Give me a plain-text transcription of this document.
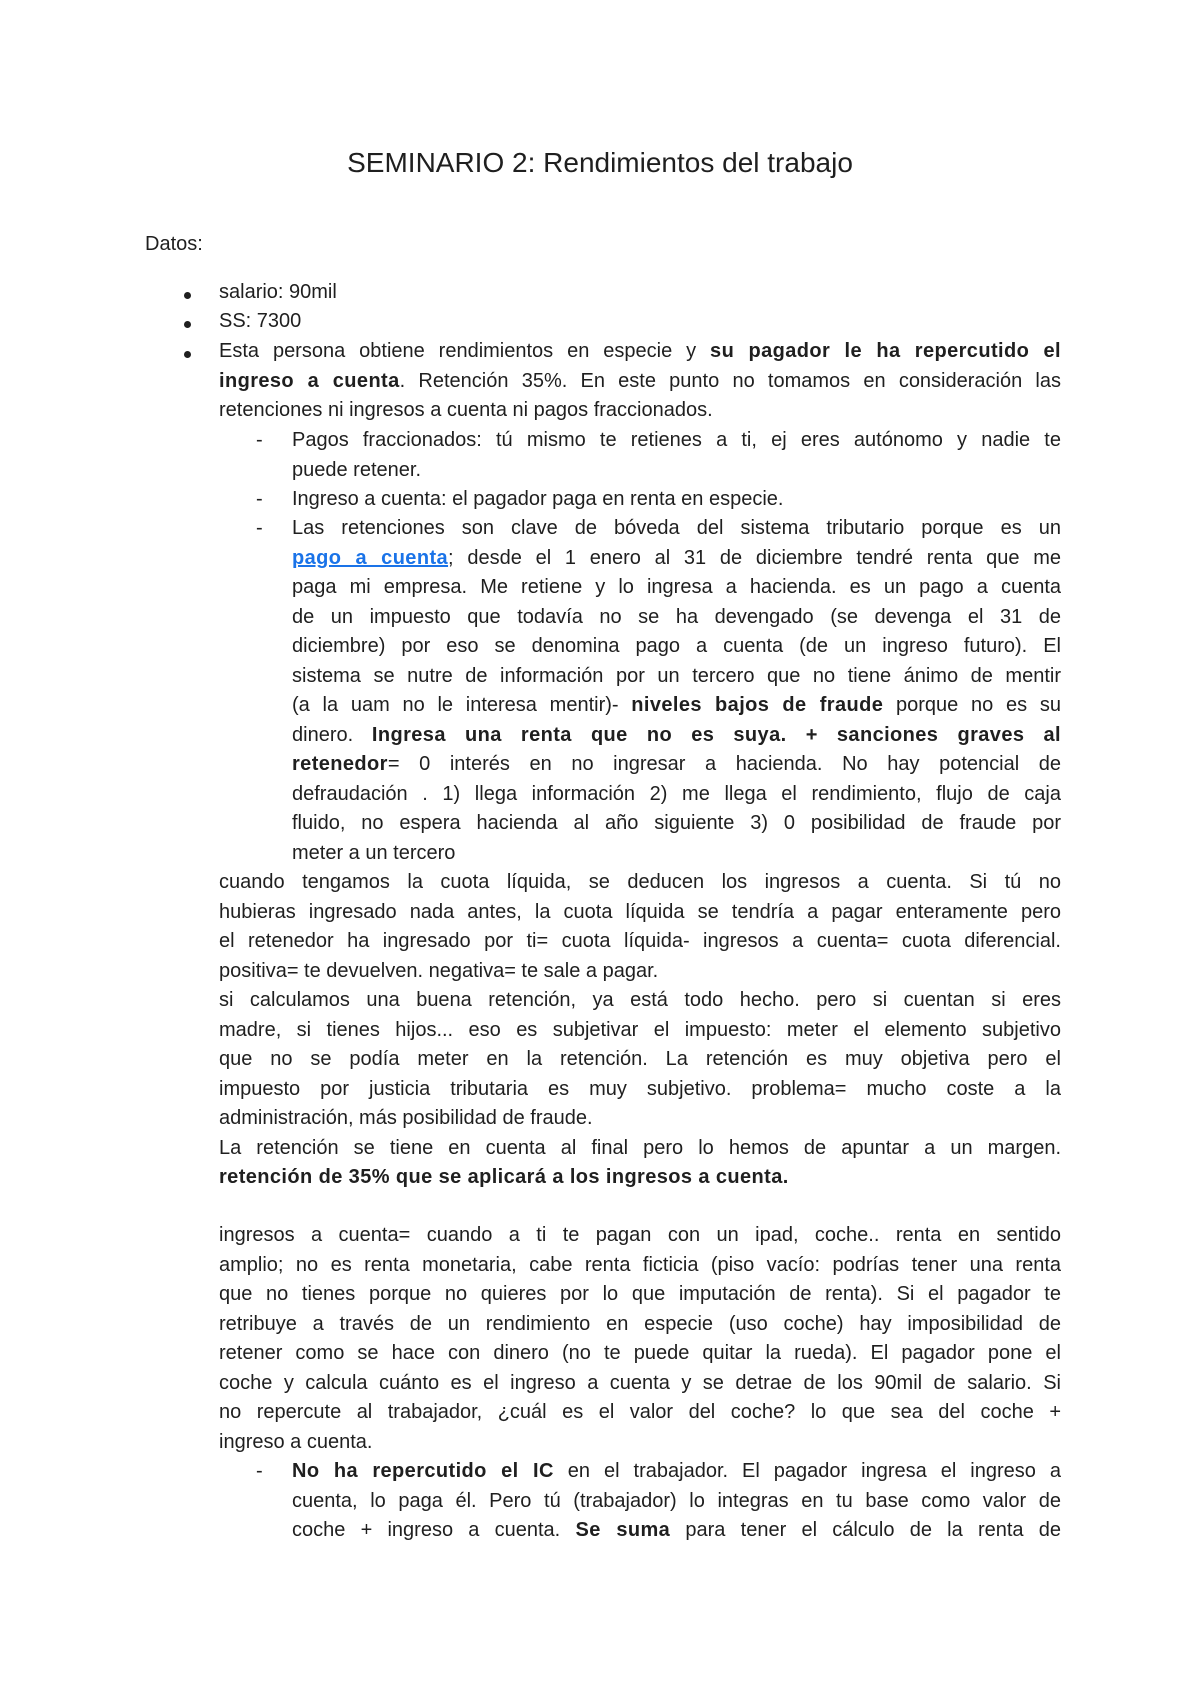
SEMINARIO 2: Rendimientos del trabajo
Datos:
salario: 90mil
SS: 7300
Esta persona obtiene rendimientos en especie y su pagador le ha repercutido el
ingreso a cuenta. Retención 35%. En este punto no tomamos en consideración las
retenciones ni ingresos a cuenta ni pagos fraccionados.
- Pagos fraccionados: tú mismo te retienes a ti, ej eres autónomo y nadie te
puede retener.
- Ingreso a cuenta: el pagador paga en renta en especie.
- Las retenciones son clave de bóveda del sistema tributario porque es un
pago a cuenta; desde el 1 enero al 31 de diciembre tendré renta que me
paga mi empresa. Me retiene y lo ingresa a hacienda. es un pago a cuenta
de un impuesto que todavía no se ha devengado (se devenga el 31 de
diciembre) por eso se denomina pago a cuenta (de un ingreso futuro). El
sistema se nutre de información por un tercero que no tiene ánimo de mentir
(a la uam no le interesa mentir)- niveles bajos de fraude porque no es su
dinero. Ingresa una renta que no es suya. + sanciones graves al
retenedor= 0 interés en no ingresar a hacienda. No hay potencial de
defraudación . 1) llega información 2) me llega el rendimiento, flujo de caja
fluido, no espera hacienda al año siguiente 3) 0 posibilidad de fraude por
meter a un tercero
cuando tengamos la cuota líquida, se deducen los ingresos a cuenta. Si tú no
hubieras ingresado nada antes, la cuota líquida se tendría a pagar enteramente pero
el retenedor ha ingresado por ti= cuota líquida- ingresos a cuenta= cuota diferencial.
positiva= te devuelven. negativa= te sale a pagar.
si calculamos una buena retención, ya está todo hecho. pero si cuentan si eres
madre, si tienes hijos... eso es subjetivar el impuesto: meter el elemento subjetivo
que no se podía meter en la retención. La retención es muy objetiva pero el
impuesto por justicia tributaria es muy subjetivo. problema= mucho coste a la
administración, más posibilidad de fraude.
La retención se tiene en cuenta al final pero lo hemos de apuntar a un margen.
retención de 35% que se aplicará a los ingresos a cuenta.
ingresos a cuenta= cuando a ti te pagan con un ipad, coche.. renta en sentido
amplio; no es renta monetaria, cabe renta ficticia (piso vacío: podrías tener una renta
que no tienes porque no quieres por lo que imputación de renta). Si el pagador te
retribuye a través de un rendimiento en especie (uso coche) hay imposibilidad de
retener como se hace con dinero (no te puede quitar la rueda). El pagador pone el
coche y calcula cuánto es el ingreso a cuenta y se detrae de los 90mil de salario. Si
no repercute al trabajador, ¿cuál es el valor del coche? lo que sea del coche +
ingreso a cuenta.
- No ha repercutido el IC en el trabajador. El pagador ingresa el ingreso a
cuenta, lo paga él. Pero tú (trabajador) lo integras en tu base como valor de
coche + ingreso a cuenta. Se suma para tener el cálculo de la renta de
